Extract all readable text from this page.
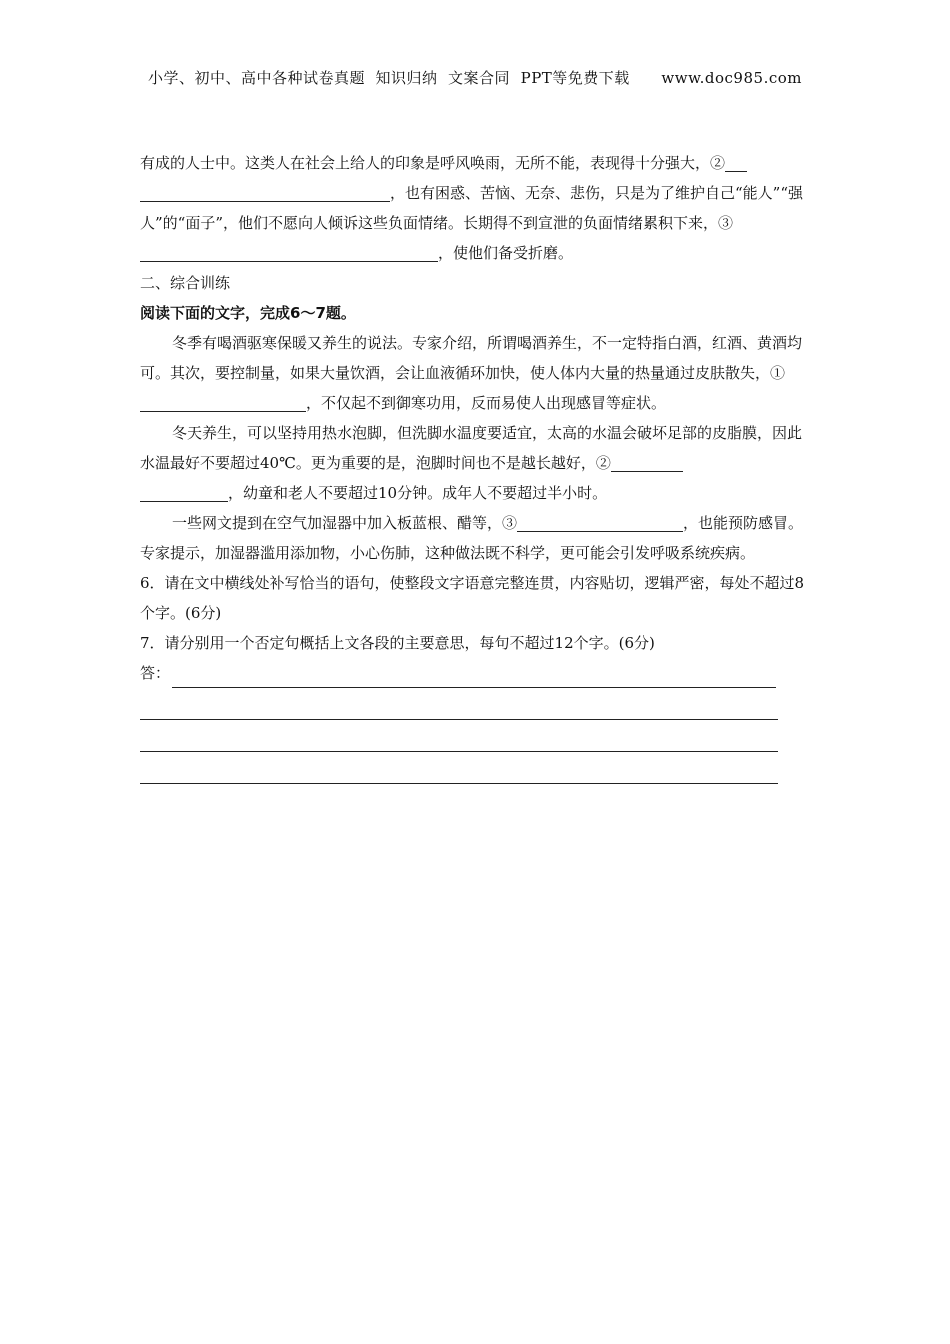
小学、初中、高中各种试卷真题  知识归纳  文案合同  PPT等免费下载      www.doc985.com

有成的人士中。这类人在社会上给人的印象是呼风唤雨，无所不能，表现得十分强大，②
，也有困惑、苦恼、无奈、悲伤，只是为了维护自己“能人”“强人”的“面子”，他们不愿向人倾诉这些负面情绪。长期得不到宣泄的负面情绪累积下来，③，使他们备受折磨。

二、综合训练

阅读下面的文字，完成6～7题。

冬季有喝酒驱寒保暖又养生的说法。专家介绍，所谓喝酒养生，不一定特指白酒，红酒、黄酒均可。其次，要控制量，如果大量饮酒，会让血液循环加快，使人体内大量的热量通过皮肤散失，①，不仅起不到御寒功用，反而易使人出现感冒等症状。

冬天养生，可以坚持用热水泡脚，但洗脚水温度要适宜，太高的水温会破坏足部的皮脂膜，因此水温最好不要超过40℃。更为重要的是，泡脚时间也不是越长越好，②
，幼童和老人不要超过10分钟。成年人不要超过半小时。

一些网文提到在空气加湿器中加入板蓝根、醋等，③	，也能预防感冒。专家提示，加湿器滥用添加物，小心伤肺，这种做法既不科学，更可能会引发呼吸系统疾病。

6．请在文中横线处补写恰当的语句，使整段文字语意完整连贯，内容贴切，逻辑严密，每处不超过8个字。(6分)

7．请分别用一个否定句概括上文各段的主要意思，每句不超过12个字。(6分)

答：
